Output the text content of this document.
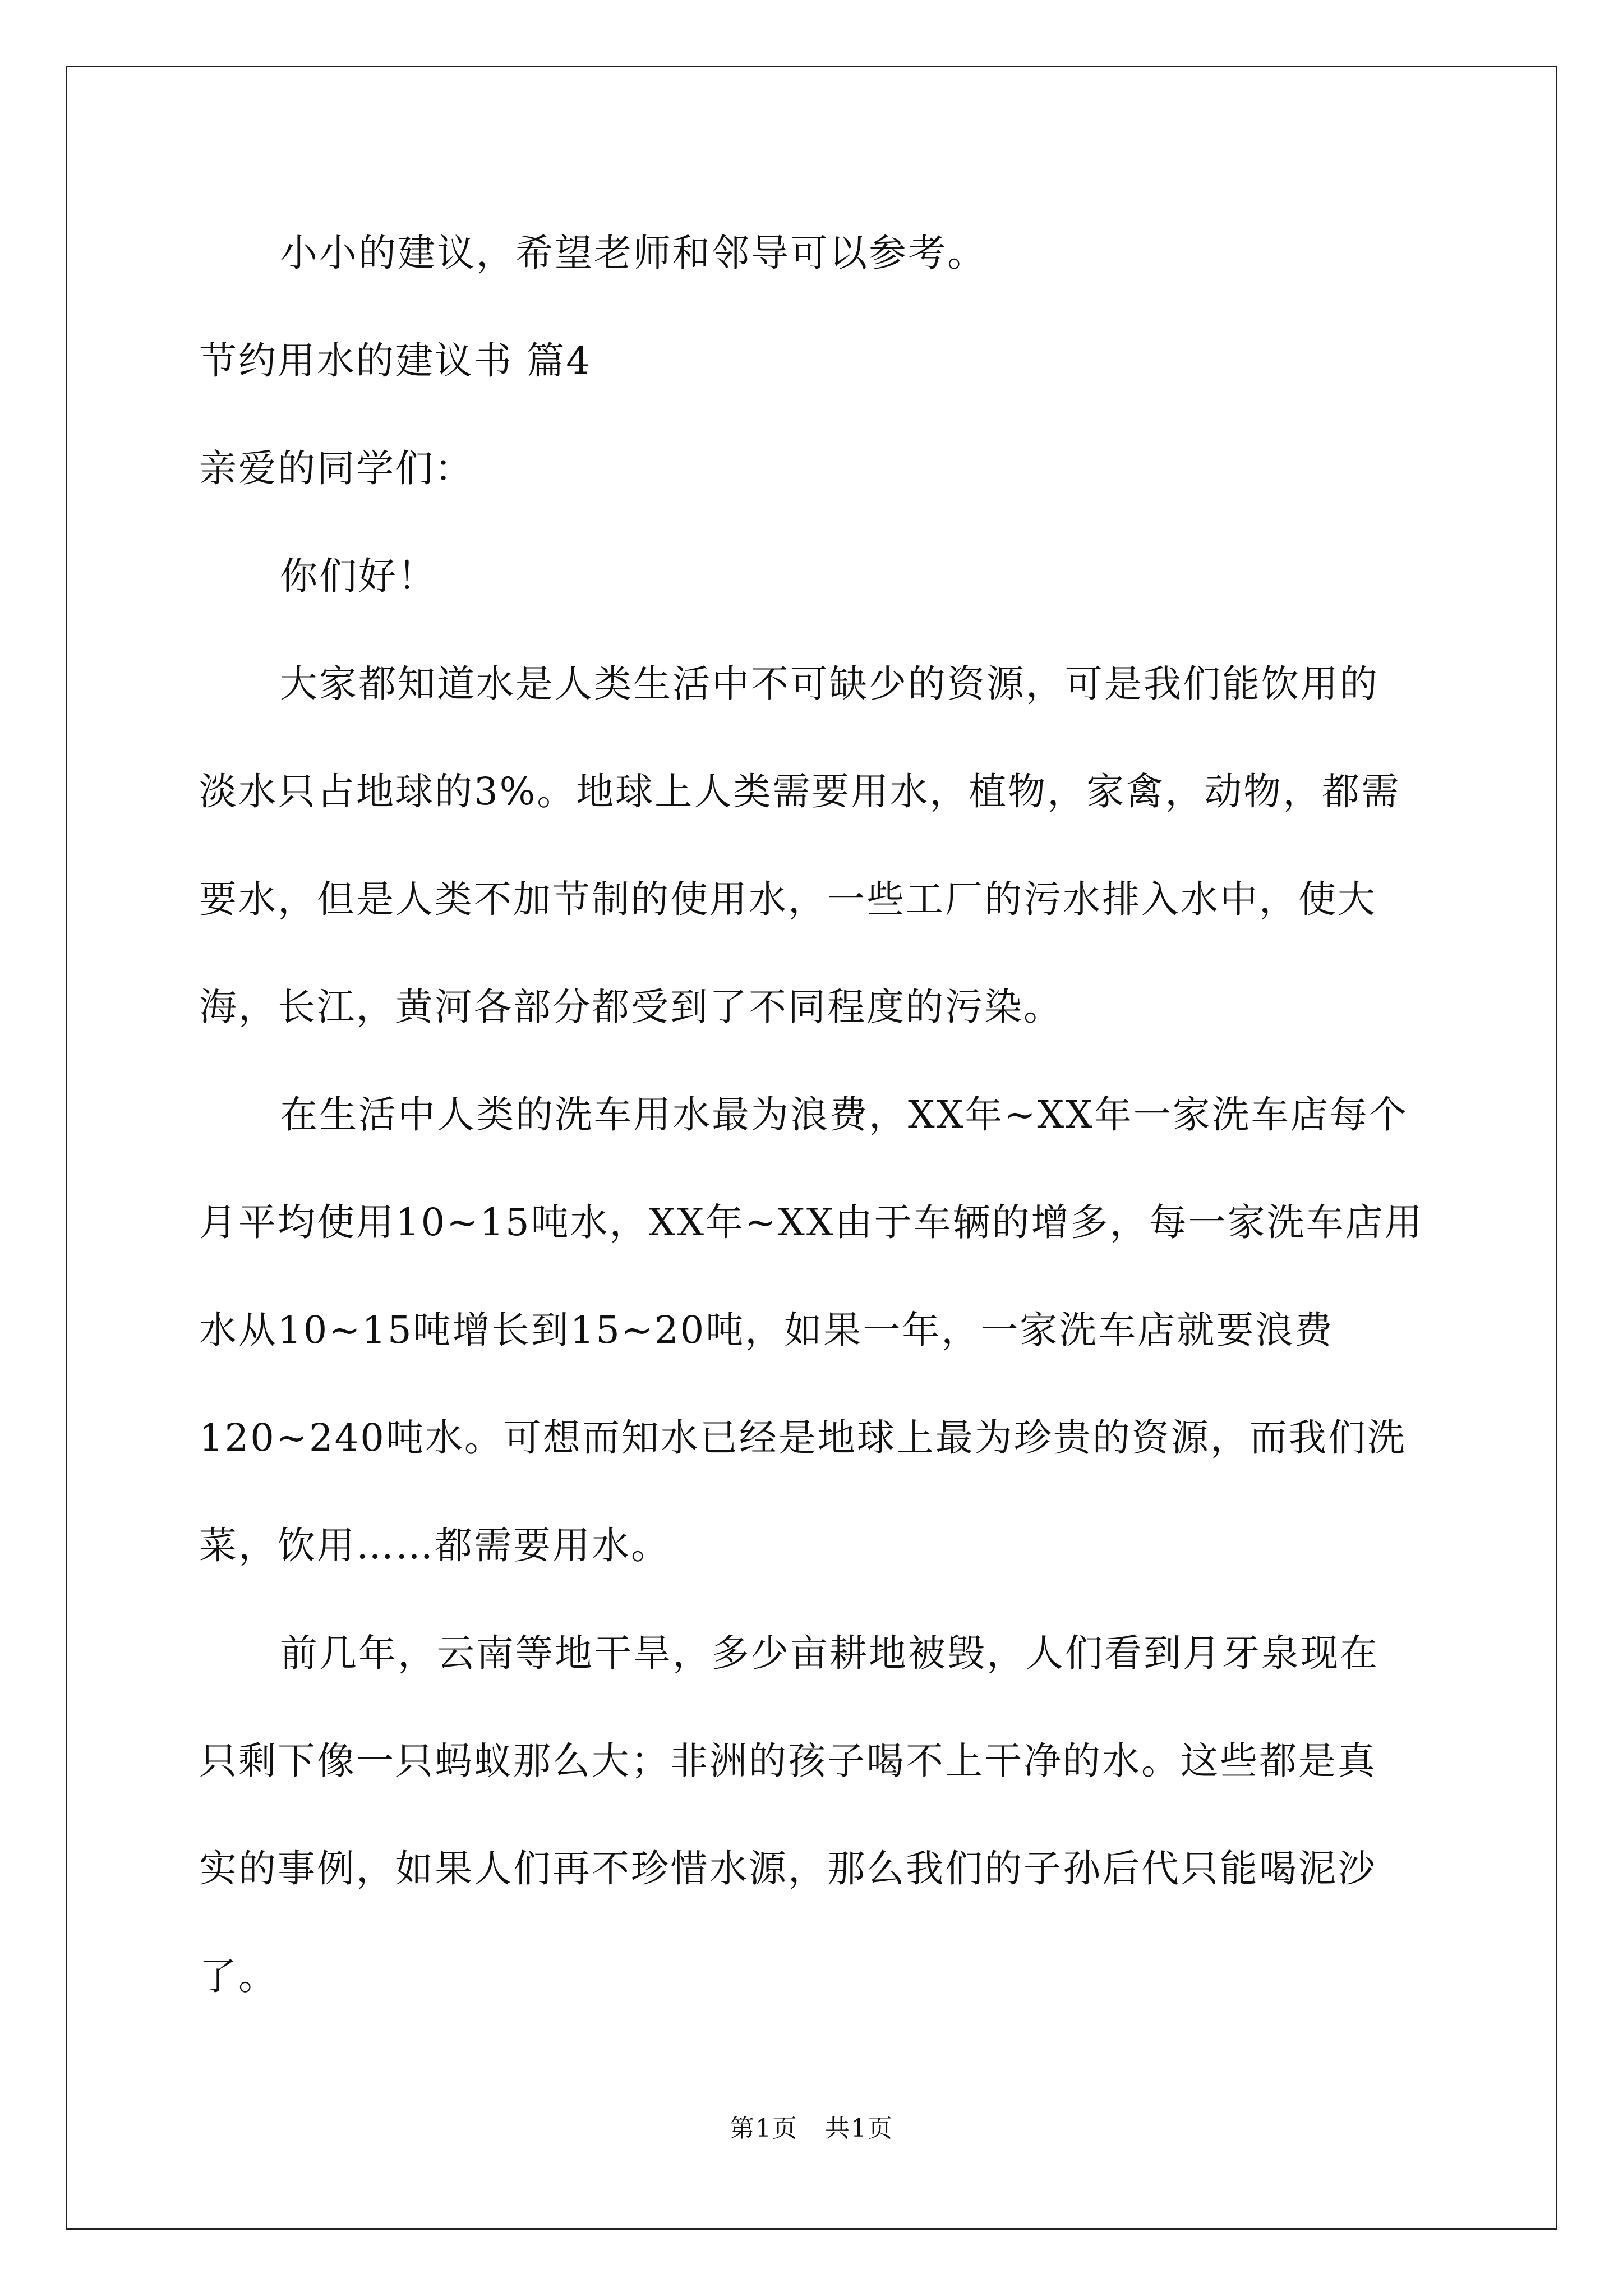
小小的建议，希望老师和邻导可以参考。
节约用水的建议书 篇4
亲爱的同学们：
你们好！
大家都知道水是人类生活中不可缺少的资源，可是我们能饮用的
淡水只占地球的3%。地球上人类需要用水，植物，家禽，动物，都需
要水，但是人类不加节制的使用水，一些工厂的污水排入水中，使大
海，长江，黄河各部分都受到了不同程度的污染。
在生活中人类的洗车用水最为浪费，XX年~XX年一家洗车店每个
月平均使用10~15吨水，XX年~XX由于车辆的增多，每一家洗车店用
水从10~15吨增长到15~20吨，如果一年，一家洗车店就要浪费
120~240吨水。可想而知水已经是地球上最为珍贵的资源，而我们洗
菜，饮用……都需要用水。
前几年，云南等地干旱，多少亩耕地被毁，人们看到月牙泉现在
只剩下像一只蚂蚁那么大；非洲的孩子喝不上干净的水。这些都是真
实的事例，如果人们再不珍惜水源，那么我们的子孙后代只能喝泥沙
了。
第1页 共1页
